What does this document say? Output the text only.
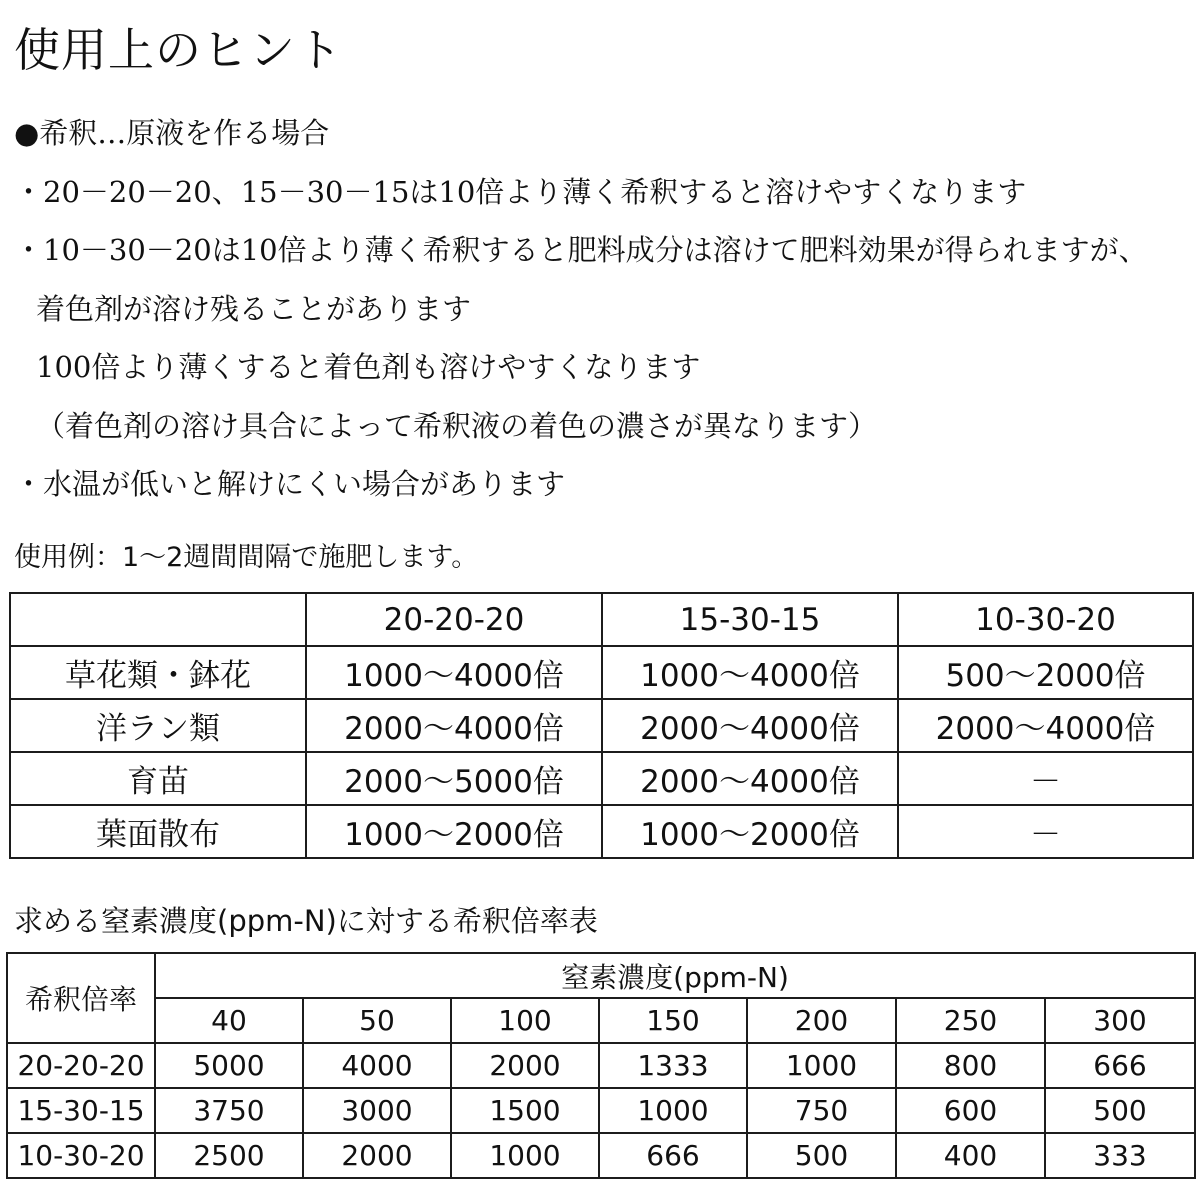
使用上のヒント
●希釈…原液を作る場合
・20－20－20、15－30－15は10倍より薄く希釈すると溶けやすくなります
・10－30－20は10倍より薄く希釈すると肥料成分は溶けて肥料効果が得られますが、
着色剤が溶け残ることがあります
100倍より薄くすると着色剤も溶けやすくなります
（着色剤の溶け具合によって希釈液の着色の濃さが異なります）
・水温が低いと解けにくい場合があります
使用例：1～2週間間隔で施肥します。
	20-20-20	15-30-15	10-30-20
草花類・鉢花	1000～4000倍	1000～4000倍	500～2000倍
洋ラン類	2000～4000倍	2000～4000倍	2000～4000倍
育苗	2000～5000倍	2000～4000倍	－
葉面散布	1000～2000倍	1000～2000倍	－
求める窒素濃度(ppm-N)に対する希釈倍率表
希釈倍率	窒素濃度(ppm-N)						
	40	50	100	150	200	250	300
20-20-20	5000	4000	2000	1333	1000	800	666
15-30-15	3750	3000	1500	1000	750	600	500
10-30-20	2500	2000	1000	666	500	400	333
